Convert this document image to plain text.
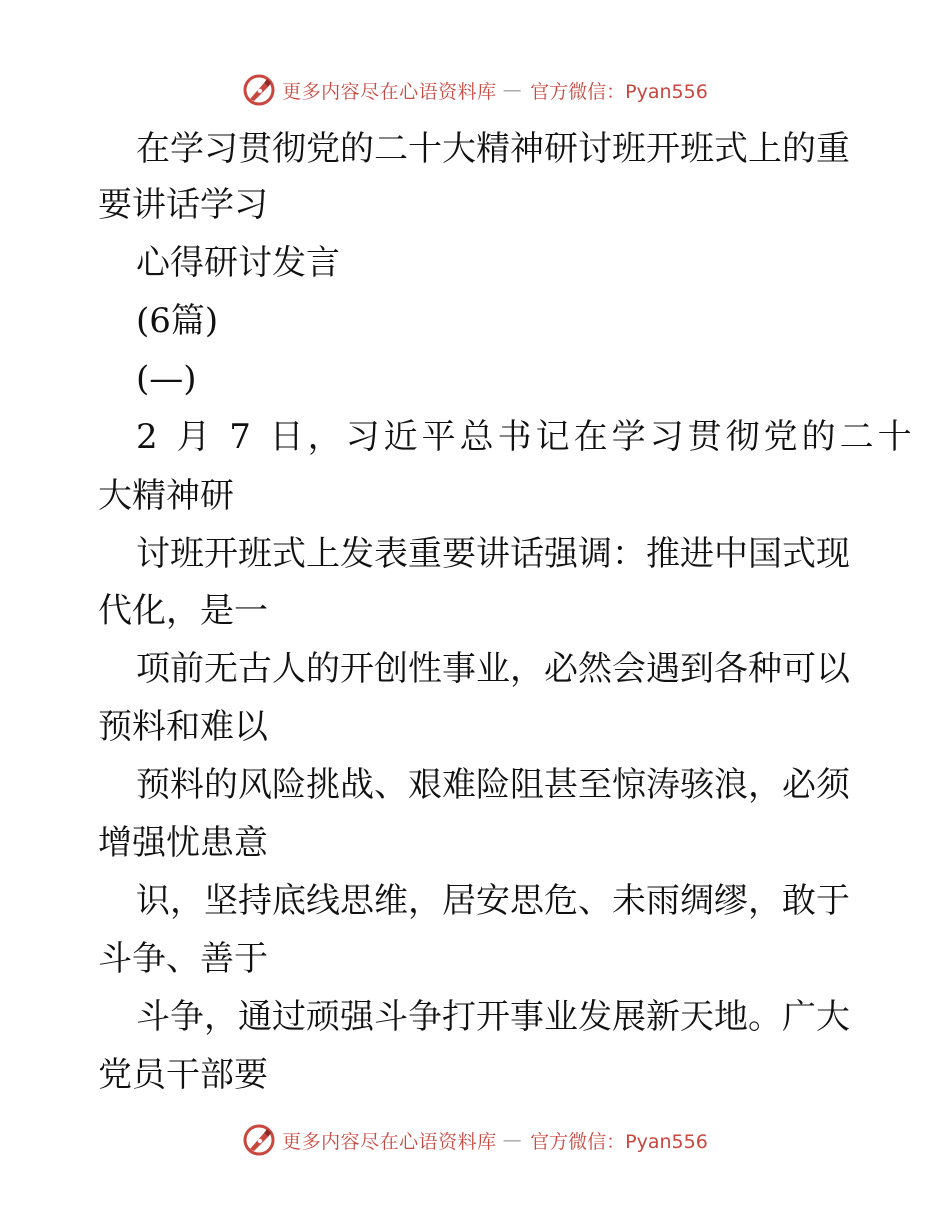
更多内容尽在心语资料库 — 官方微信：Pyan556
在学习贯彻党的二十大精神研讨班开班式上的重
要讲话学习
心得研讨发言
(6篇)
(—)
2 月 7 日，习近平总书记在学习贯彻党的二十
大精神研
讨班开班式上发表重要讲话强调：推进中国式现
代化，是一
项前无古人的开创性事业，必然会遇到各种可以
预料和难以
预料的风险挑战、艰难险阻甚至惊涛骇浪，必须
增强忧患意
识，坚持底线思维，居安思危、未雨绸缪，敢于
斗争、善于
斗争，通过顽强斗争打开事业发展新天地。广大
党员干部要
更多内容尽在心语资料库 — 官方微信：Pyan556
